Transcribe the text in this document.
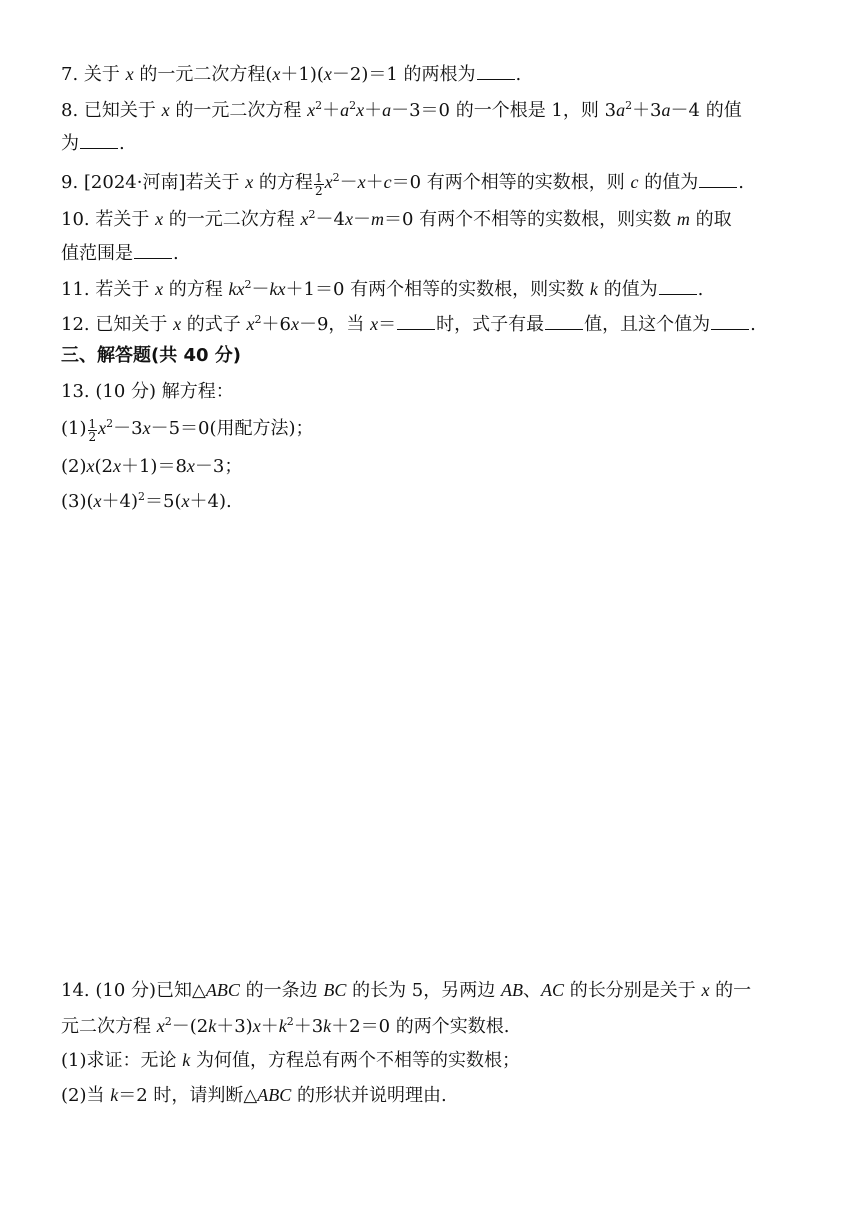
7. 关于 x 的一元二次方程(x＋1)(x－2)＝1 的两根为 .
8. 已知关于 x 的一元二次方程 $x^2+a^2x+a-3=0$ 的一个根是 1，则 $3a^2+3a-4$ 的值
为 .
9. [2024·河南]若关于 x 的方程 $\frac{1}{2} x^2-x+c=0$ 有两个相等的实数根，则 c 的值为 .
10. 若关于 x 的一元二次方程 $x^2-4x-m=0$ 有两个不相等的实数根，则实数 m 的取
值范围是 .
11. 若关于 x 的方程 $kx^2-kx+1=0$ 有两个相等的实数根，则实数 k 的值为 .
12. 已知关于 x 的式子 $x^2+6x-9$，当 x＝ 时，式子有最 值，且这个值为 .
三、解答题(共 40 分)
13. (10 分) 解方程：
$(1) \frac{1}{2} x^2-3x-5=0$(用配方法)；
(2)x(2x＋1)＝8x－3；
$(3)(x+4)^2=5(x+4)$.
14. (10 分)已知△ABC 的一条边 BC 的长为 5，另两边 AB、AC 的长分别是关于 x 的一
元二次方程 $x^2-(2k+3)x+k^2+3k+2=0$ 的两个实数根.
(1)求证：无论 k 为何值，方程总有两个不相等的实数根；
(2)当 k＝2 时，请判断△ABC 的形状并说明理由.
